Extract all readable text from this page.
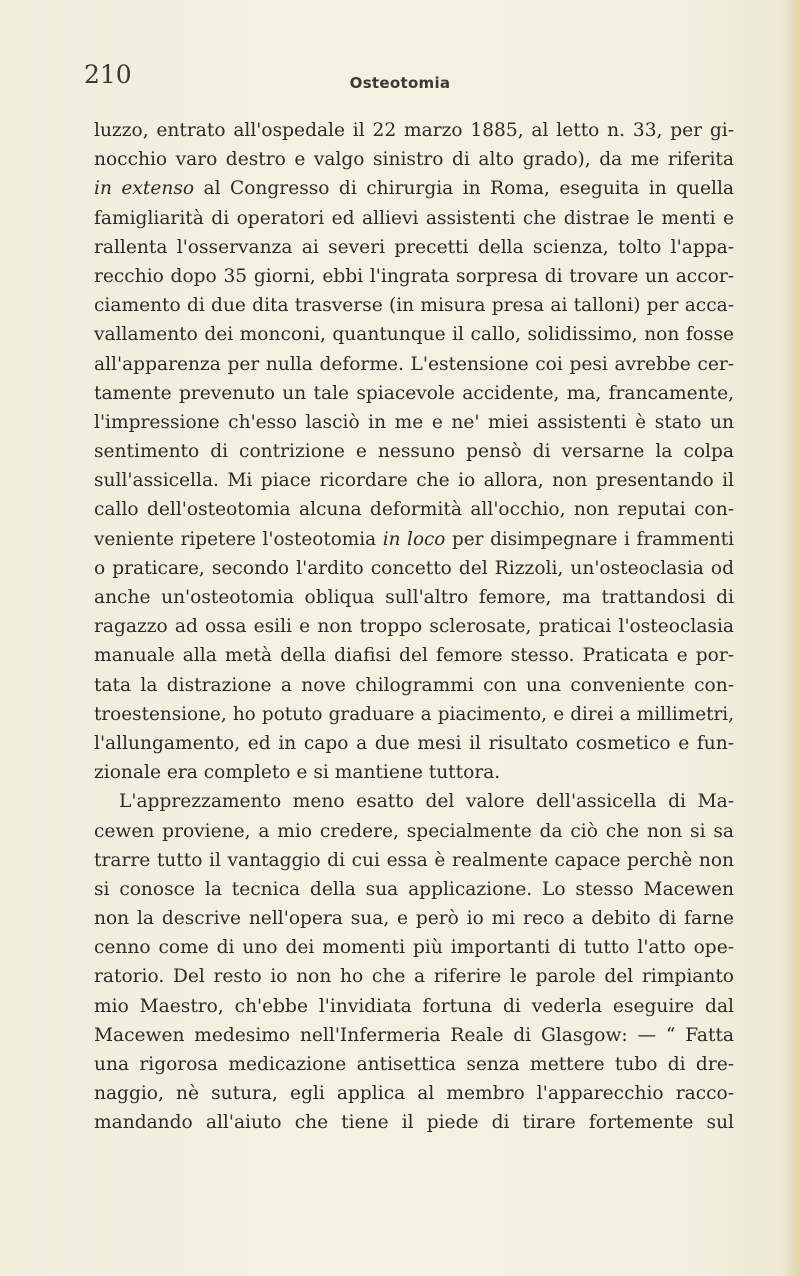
210	Osteotomia
luzzo, entrato all'ospedale il 22 marzo 1885, al letto n. 33, per gi-
nocchio varo destro e valgo sinistro di alto grado), da me riferita
in extenso al Congresso di chirurgia in Roma, eseguita in quella
famigliarità di operatori ed allievi assistenti che distrae le menti e
rallenta l'osservanza ai severi precetti della scienza, tolto l'appa-
recchio dopo 35 giorni, ebbi l'ingrata sorpresa di trovare un accor-
ciamento di due dita trasverse (in misura presa ai talloni) per acca-
vallamento dei monconi, quantunque il callo, solidissimo, non fosse
all'apparenza per nulla deforme. L'estensione coi pesi avrebbe cer-
tamente prevenuto un tale spiacevole accidente, ma, francamente,
l'impressione ch'esso lasciò in me e ne' miei assistenti è stato un
sentimento di contrizione e nessuno pensò di versarne la colpa
sull'assicella. Mi piace ricordare che io allora, non presentando il
callo dell'osteotomia alcuna deformità all'occhio, non reputai con-
veniente ripetere l'osteotomia in loco per disimpegnare i frammenti
o praticare, secondo l'ardito concetto del Rizzoli, un'osteoclasia od
anche un'osteotomia obliqua sull'altro femore, ma trattandosi di
ragazzo ad ossa esili e non troppo sclerosate, praticai l'osteoclasia
manuale alla metà della diafisi del femore stesso. Praticata e por-
tata la distrazione a nove chilogrammi con una conveniente con-
troestensione, ho potuto graduare a piacimento, e direi a millimetri,
l'allungamento, ed in capo a due mesi il risultato cosmetico e fun-
zionale era completo e si mantiene tuttora.
L'apprezzamento meno esatto del valore dell'assicella di Ma-
cewen proviene, a mio credere, specialmente da ciò che non si sa
trarre tutto il vantaggio di cui essa è realmente capace perchè non
si conosce la tecnica della sua applicazione. Lo stesso Macewen
non la descrive nell'opera sua, e però io mi reco a debito di farne
cenno come di uno dei momenti più importanti di tutto l'atto ope-
ratorio. Del resto io non ho che a riferire le parole del rimpianto
mio Maestro, ch'ebbe l'invidiata fortuna di vederla eseguire dal
Macewen medesimo nell'Infermeria Reale di Glasgow: — “ Fatta
una rigorosa medicazione antisettica senza mettere tubo di dre-
naggio, nè sutura, egli applica al membro l'apparecchio racco-
mandando all'aiuto che tiene il piede di tirare fortemente sul
